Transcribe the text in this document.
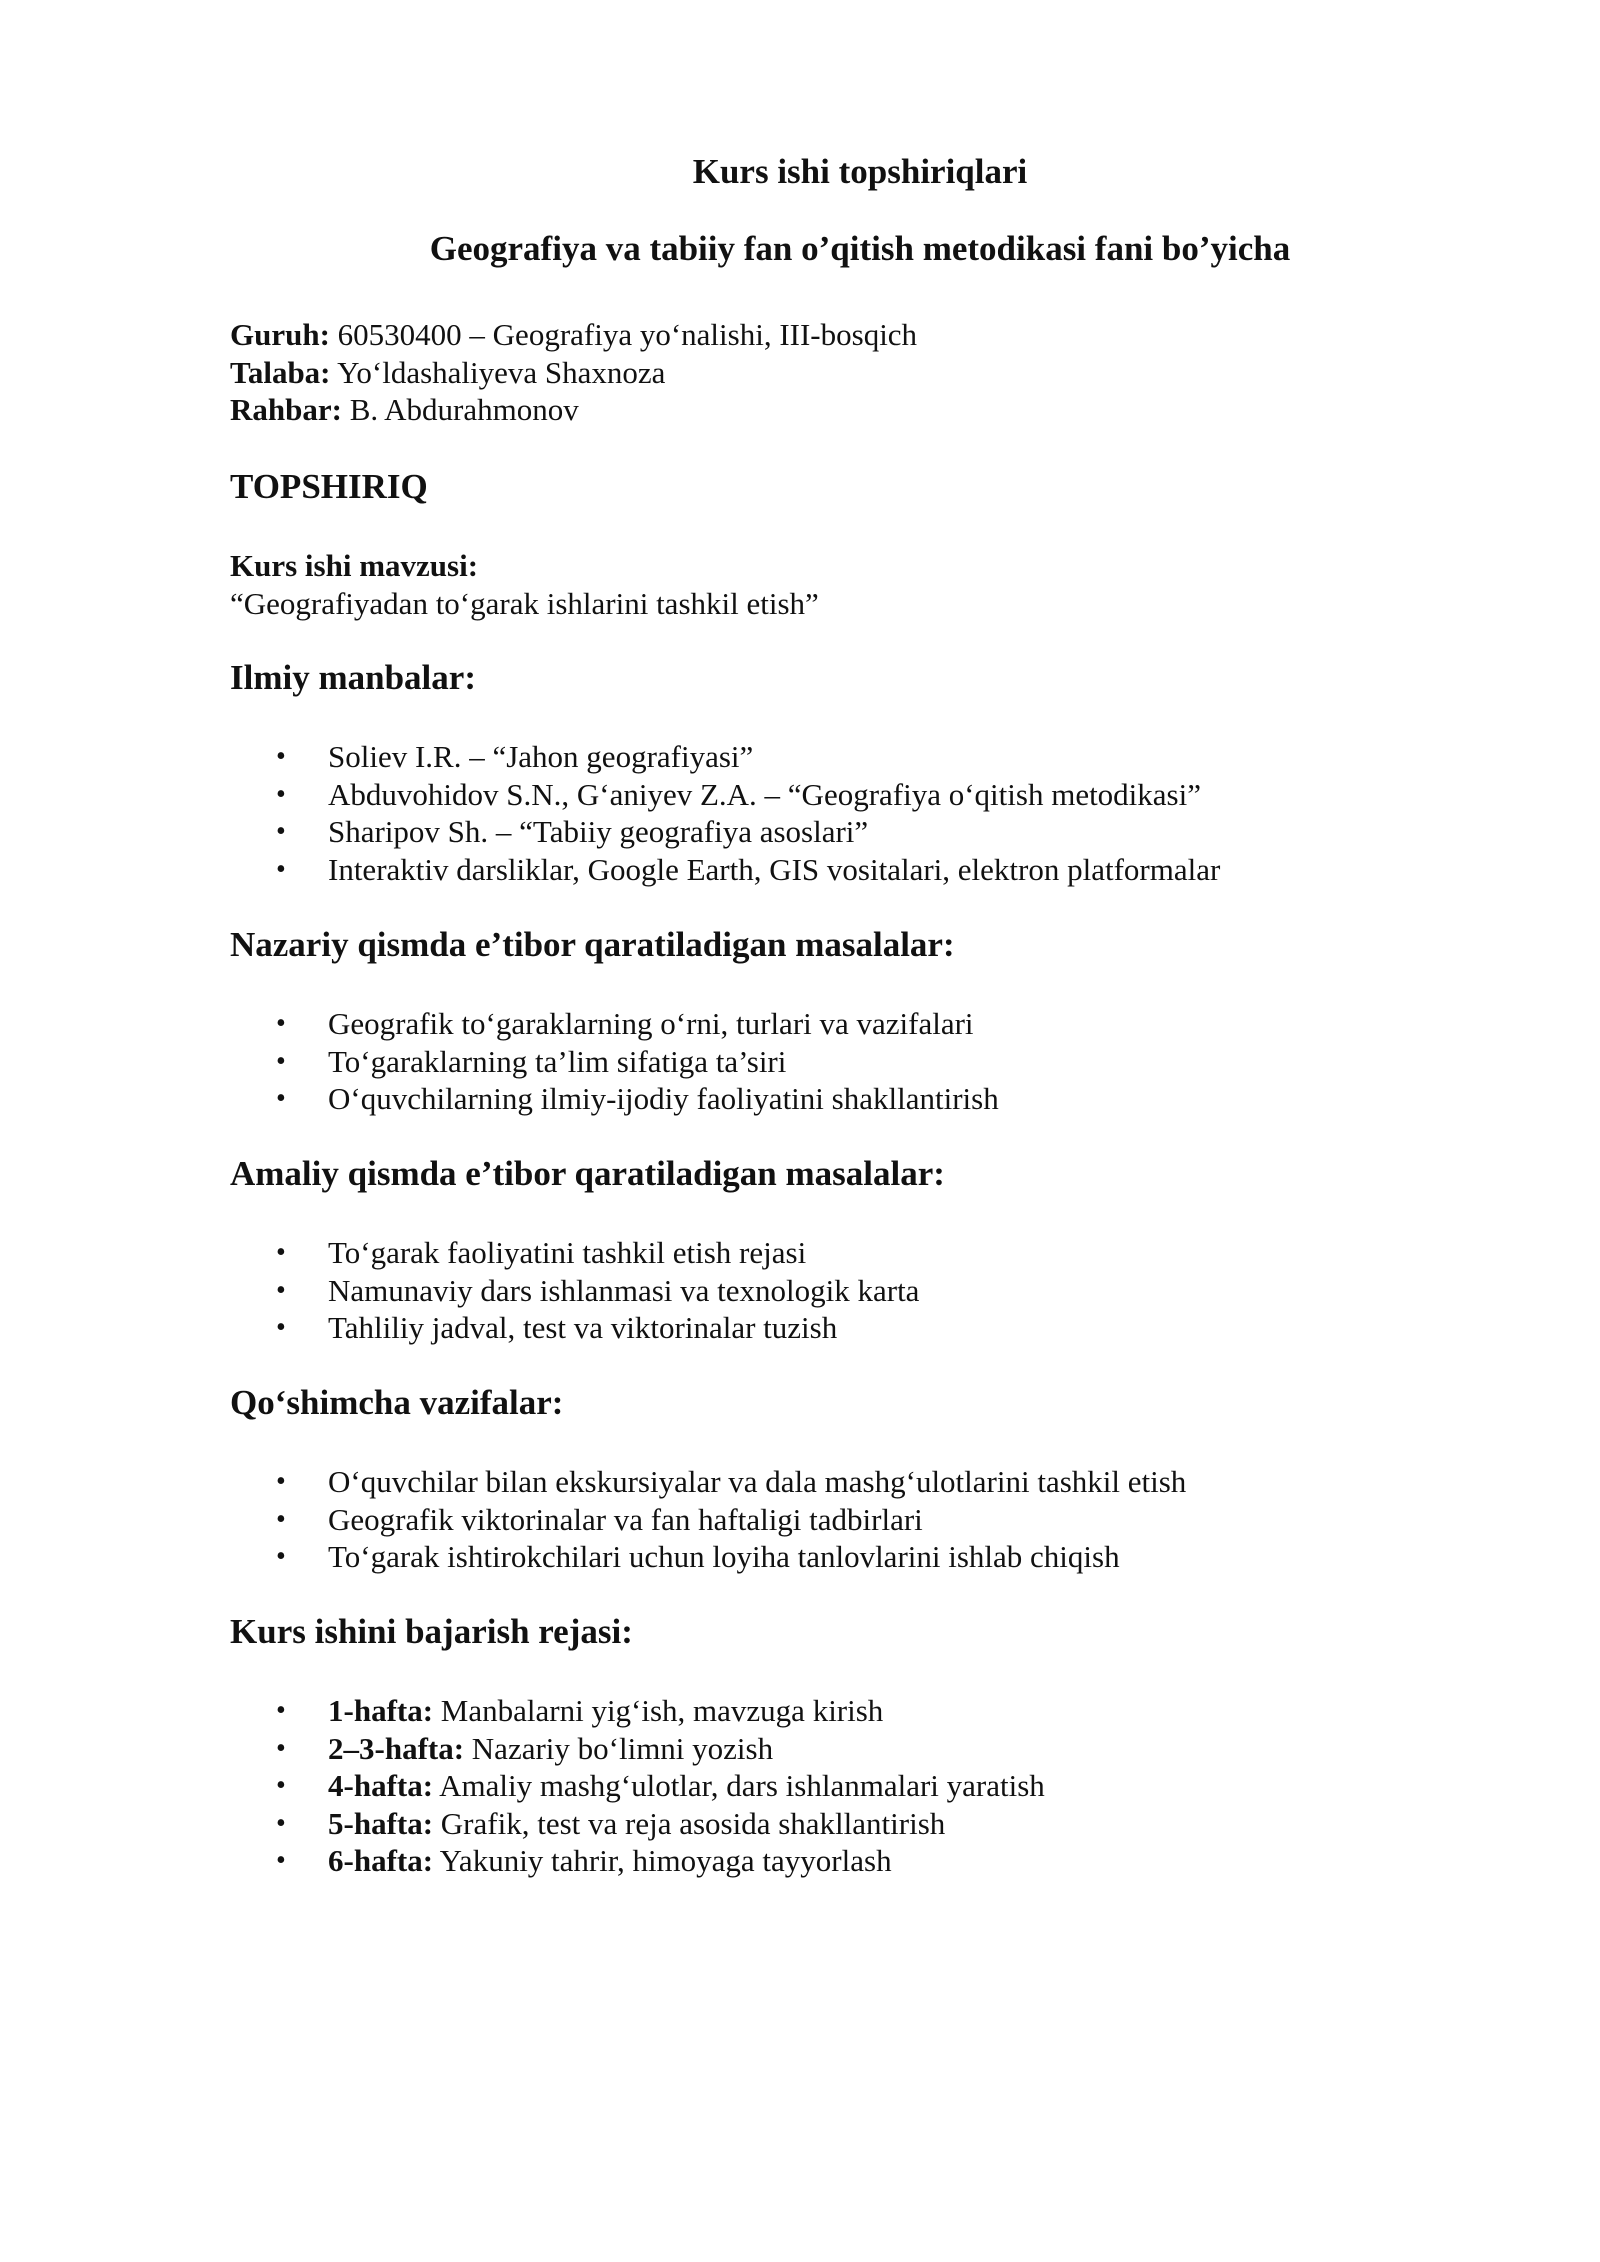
Kurs ishi topshiriqlari
Geografiya va tabiiy fan o’qitish metodikasi fani bo’yicha
Guruh: 60530400 – Geografiya yo‘nalishi, III-bosqich
Talaba: Yo‘ldashaliyeva Shaxnoza
Rahbar: B. Abdurahmonov
TOPSHIRIQ
Kurs ishi mavzusi:
“Geografiyadan to‘garak ishlarini tashkil etish”
Ilmiy manbalar:
• Soliev I.R. – “Jahon geografiyasi”
• Abduvohidov S.N., G‘aniyev Z.A. – “Geografiya o‘qitish metodikasi”
• Sharipov Sh. – “Tabiiy geografiya asoslari”
• Interaktiv darsliklar, Google Earth, GIS vositalari, elektron platformalar
Nazariy qismda e’tibor qaratiladigan masalalar:
• Geografik to‘garaklarning o‘rni, turlari va vazifalari
• To‘garaklarning ta’lim sifatiga ta’siri
• O‘quvchilarning ilmiy-ijodiy faoliyatini shakllantirish
Amaliy qismda e’tibor qaratiladigan masalalar:
• To‘garak faoliyatini tashkil etish rejasi
• Namunaviy dars ishlanmasi va texnologik karta
• Tahliliy jadval, test va viktorinalar tuzish
Qo‘shimcha vazifalar:
• O‘quvchilar bilan ekskursiyalar va dala mashg‘ulotlarini tashkil etish
• Geografik viktorinalar va fan haftaligi tadbirlari
• To‘garak ishtirokchilari uchun loyiha tanlovlarini ishlab chiqish
Kurs ishini bajarish rejasi:
• 1-hafta: Manbalarni yig‘ish, mavzuga kirish
• 2–3-hafta: Nazariy bo‘limni yozish
• 4-hafta: Amaliy mashg‘ulotlar, dars ishlanmalari yaratish
• 5-hafta: Grafik, test va reja asosida shakllantirish
• 6-hafta: Yakuniy tahrir, himoyaga tayyorlash
